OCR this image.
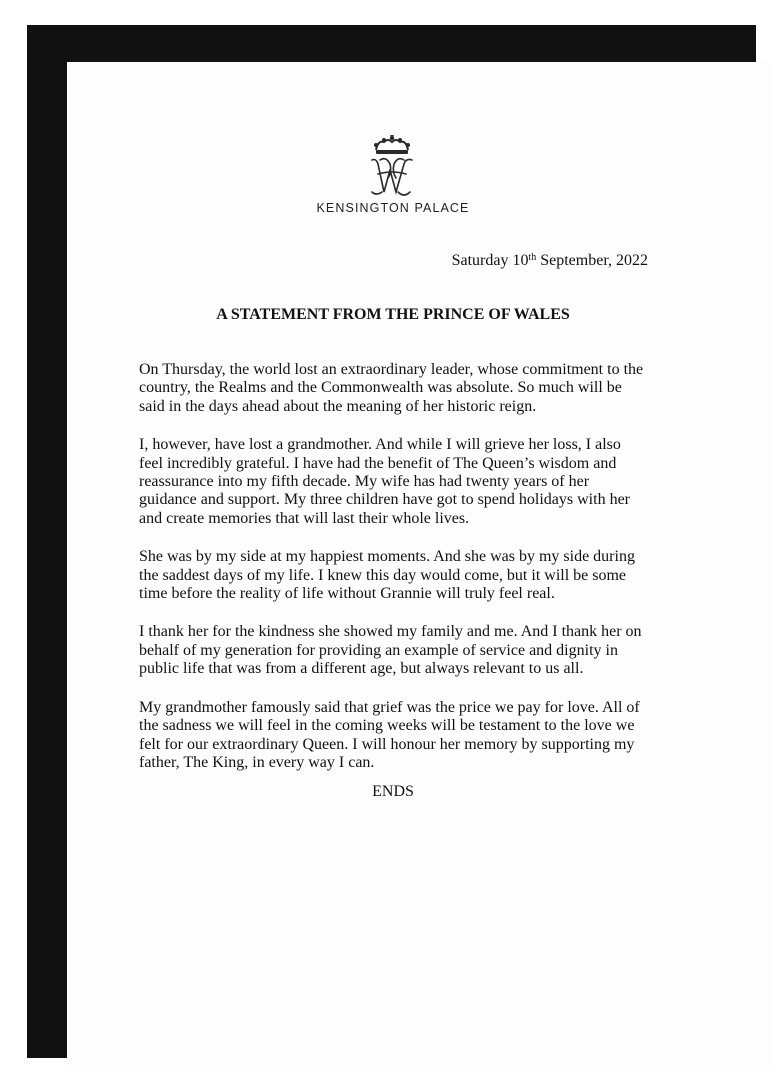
KENSINGTON PALACE

Saturday 10th September, 2022

A STATEMENT FROM THE PRINCE OF WALES

On Thursday, the world lost an extraordinary leader, whose commitment to the
country, the Realms and the Commonwealth was absolute. So much will be
said in the days ahead about the meaning of her historic reign.

I, however, have lost a grandmother. And while I will grieve her loss, I also
feel incredibly grateful. I have had the benefit of The Queen’s wisdom and
reassurance into my fifth decade. My wife has had twenty years of her
guidance and support. My three children have got to spend holidays with her
and create memories that will last their whole lives.

She was by my side at my happiest moments. And she was by my side during
the saddest days of my life. I knew this day would come, but it will be some
time before the reality of life without Grannie will truly feel real.

I thank her for the kindness she showed my family and me. And I thank her on
behalf of my generation for providing an example of service and dignity in
public life that was from a different age, but always relevant to us all.

My grandmother famously said that grief was the price we pay for love. All of
the sadness we will feel in the coming weeks will be testament to the love we
felt for our extraordinary Queen. I will honour her memory by supporting my
father, The King, in every way I can.

ENDS
